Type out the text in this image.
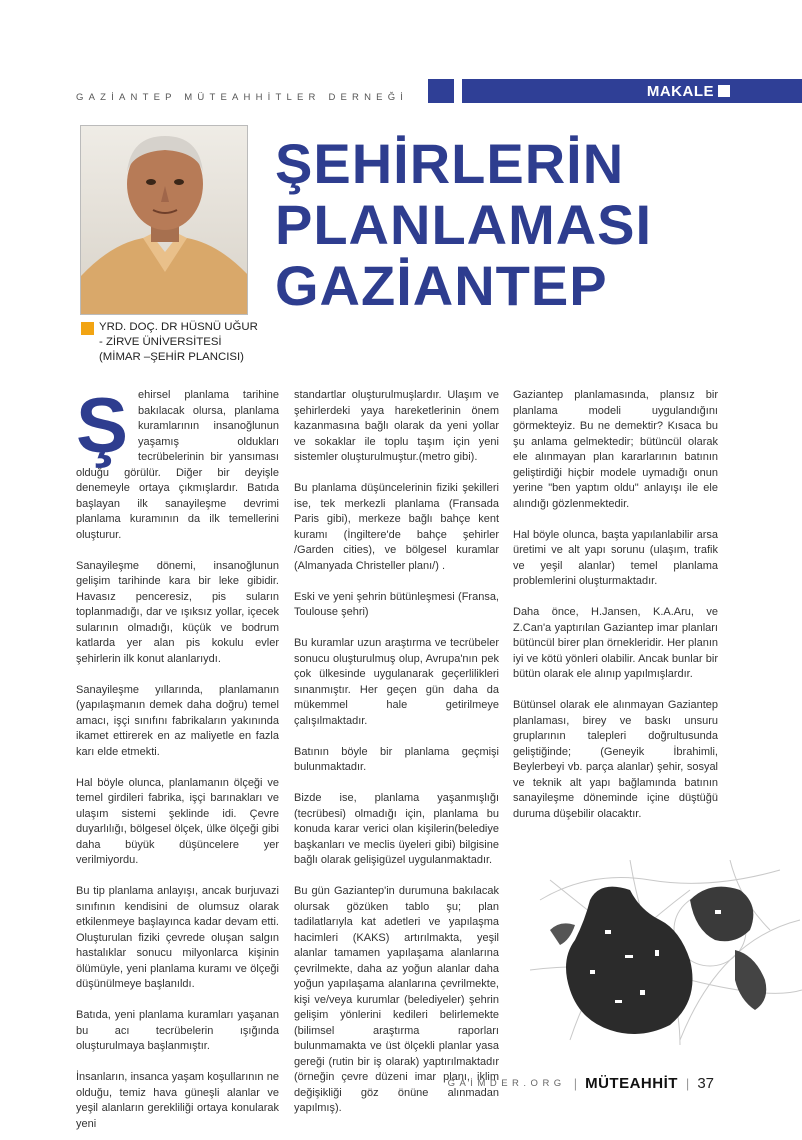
GAZİANTEP MÜTEAHHİTLER DERNEĞİ	MAKALE
YRD. DOÇ. DR HÜSNÜ UĞUR
- ZİRVE ÜNİVERSİTESİ
(MİMAR –ŞEHİR PLANCISI)
ŞEHİRLERİN
PLANLAMASI
GAZİANTEP

Şehirsel planlama tarihine bakılacak olursa, planlama kuramlarının insanoğlunun yaşamış oldukları tecrübelerinin bir yansıması olduğu görülür. Diğer bir deyişle denemeyle ortaya çıkmışlardır. Batıda başlayan ilk sanayileşme devrimi planlama kuramının da ilk temellerini oluşturur.

Sanayileşme dönemi, insanoğlunun gelişim tarihinde kara bir leke gibidir. Havasız penceresiz, pis suların toplanmadığı, dar ve ışıksız yollar, içecek sularının olmadığı, küçük ve bodrum katlarda yer alan pis kokulu evler şehirlerin ilk konut alanlarıydı.

Sanayileşme yıllarında, planlamanın (yapılaşmanın demek daha doğru) temel amacı, işçi sınıfını fabrikaların yakınında ikamet ettirerek en az maliyetle en fazla karı elde etmekti.

Hal böyle olunca, planlamanın ölçeği ve temel girdileri fabrika, işçi barınakları ve ulaşım sistemi şeklinde idi. Çevre duyarlılığı, bölgesel ölçek, ülke ölçeği gibi daha büyük düşüncelere yer verilmiyordu.

Bu tip planlama anlayışı, ancak burjuvazi sınıfının kendisini de olumsuz olarak etkilenmeye başlayınca kadar devam etti. Oluşturulan fiziki çevrede oluşan salgın hastalıklar sonucu milyonlarca kişinin ölümüyle, yeni planlama kuramı ve ölçeği düşünülmeye başlanıldı.

Batıda, yeni planlama kuramları yaşanan bu acı tecrübelerin ışığında oluşturulmaya başlanmıştır.

İnsanların, insanca yaşam koşullarının ne olduğu, temiz hava güneşli alanlar ve yeşil alanların gerekliliği ortaya konularak yeni

standartlar oluşturulmuşlardır. Ulaşım ve şehirlerdeki yaya hareketlerinin önem kazanmasına bağlı olarak da yeni yollar ve sokaklar ile toplu taşım için yeni sistemler oluşturulmuştur.(metro gibi).

Bu planlama düşüncelerinin fiziki şekilleri ise, tek merkezli planlama (Fransada Paris gibi), merkeze bağlı bahçe kent kuramı (İngiltere'de bahçe şehirler /Garden cities), ve bölgesel kuramlar (Almanyada Christeller planı/) .

Eski ve yeni şehrin bütünleşmesi (Fransa, Toulouse şehri)

Bu kuramlar uzun araştırma ve tecrübeler sonucu oluşturulmuş olup, Avrupa'nın pek çok ülkesinde uygulanarak geçerlilikleri sınanmıştır. Her geçen gün daha da mükemmel hale getirilmeye çalışılmaktadır.

Batının böyle bir planlama geçmişi bulunmaktadır.

Bizde ise, planlama yaşanmışlığı (tecrübesi) olmadığı için, planlama bu konuda karar verici olan kişilerin(belediye başkanları ve meclis üyeleri gibi) bilgisine bağlı olarak gelişigüzel uygulanmaktadır.

Bu gün Gaziantep'in durumuna bakılacak olursak gözüken tablo şu; plan tadilatlarıyla kat adetleri ve yapılaşma hacimleri (KAKS) artırılmakta, yeşil alanlar tamamen yapılaşama alanlarına çevrilmekte, daha az yoğun alanlar daha yoğun yapılaşama alanlarına çevrilmekte, kişi ve/veya kurumlar (belediyeler) şehrin gelişim yönlerini kedileri belirlemekte (bilimsel araştırma raporları bulunmamakta ve üst ölçekli planlar yasa gereği (rutin bir iş olarak) yaptırılmaktadır (örneğin çevre düzeni imar planı, iklim değişikliği göz önüne alınmadan yapılmış).

Gaziantep planlamasında, plansız bir planlama modeli uygulandığını görmekteyiz. Bu ne demektir? Kısaca bu şu anlama gelmektedir; bütüncül olarak ele alınmayan plan kararlarının batının geliştirdiği hiçbir modele uymadığı onun yerine "ben yaptım oldu" anlayışı ile ele alındığı gözlenmektedir.

Hal böyle olunca, başta yapılanlabilir arsa üretimi ve alt yapı sorunu (ulaşım, trafik ve yeşil alanlar) temel planlama problemlerini oluşturmaktadır.

Daha önce, H.Jansen, K.A.Aru, ve Z.Can'a yaptırılan Gaziantep imar planları bütüncül birer plan örnekleridir. Her planın iyi ve kötü yönleri olabilir. Ancak bunlar bir bütün olarak ele alınıp yapılmışlardır.

Bütünsel olarak ele alınmayan Gaziantep planlaması, birey ve baskı unsuru gruplarının talepleri doğrultusunda geliştiğinde; (Geneyik İbrahimli, Beylerbeyi vb. parça alanlar) şehir, sosyal ve teknik alt yapı bağlamında batının sanayileşme döneminde içine düştüğü duruma düşebilir olacaktır.

GAİMDER.ORG | MÜTEAHHİT | 37
